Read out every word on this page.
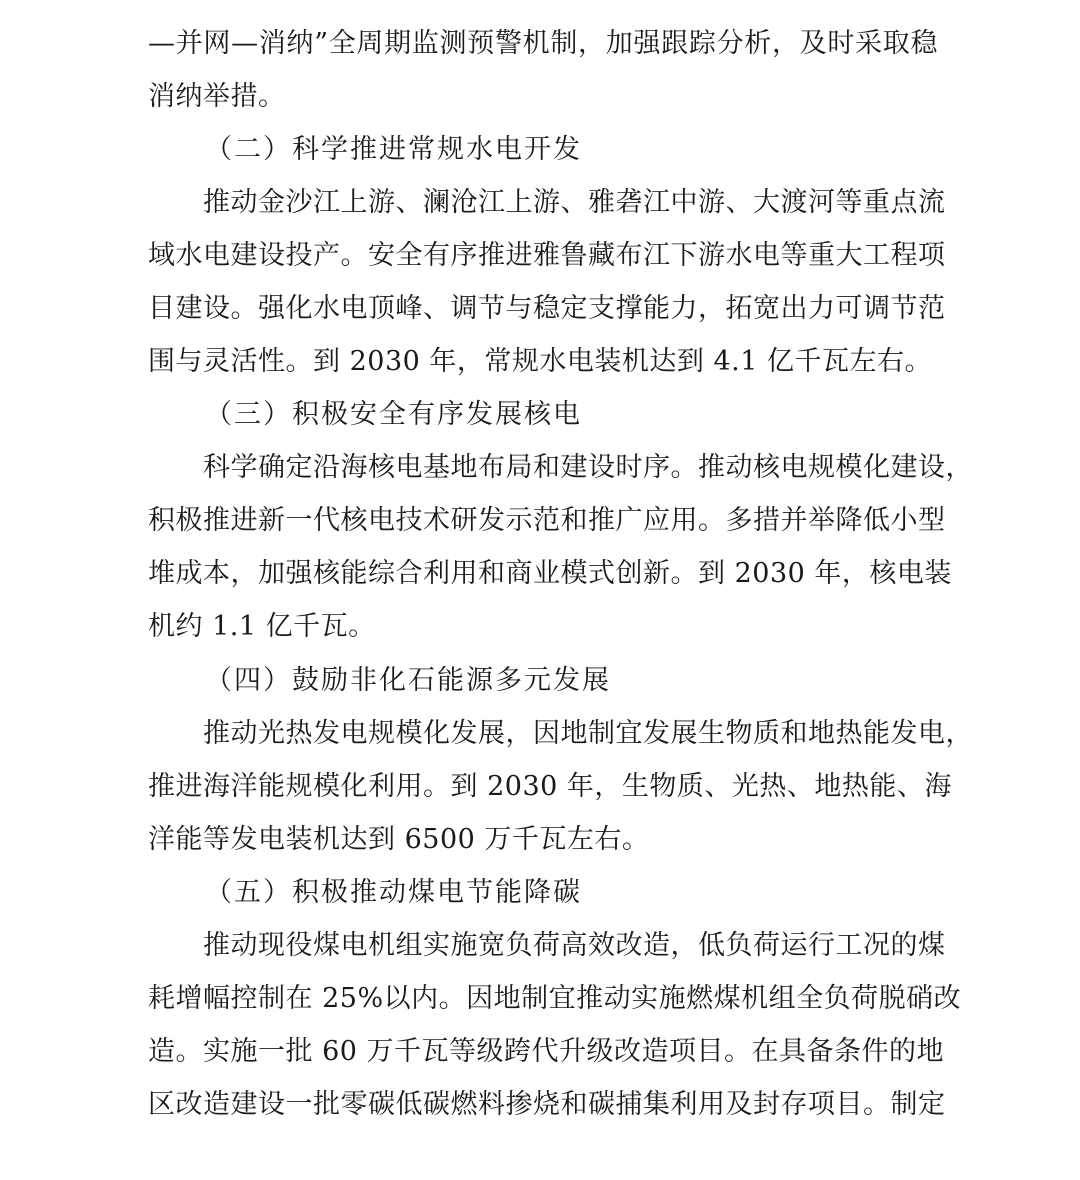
—并网—消纳”全周期监测预警机制，加强跟踪分析，及时采取稳
消纳举措。
（二）科学推进常规水电开发
推动金沙江上游、澜沧江上游、雅砻江中游、大渡河等重点流
域水电建设投产。安全有序推进雅鲁藏布江下游水电等重大工程项
目建设。强化水电顶峰、调节与稳定支撑能力，拓宽出力可调节范
围与灵活性。到 2030 年，常规水电装机达到 4.1 亿千瓦左右。
（三）积极安全有序发展核电
科学确定沿海核电基地布局和建设时序。推动核电规模化建设，
积极推进新一代核电技术研发示范和推广应用。多措并举降低小型
堆成本，加强核能综合利用和商业模式创新。到 2030 年，核电装
机约 1.1 亿千瓦。
（四）鼓励非化石能源多元发展
推动光热发电规模化发展，因地制宜发展生物质和地热能发电，
推进海洋能规模化利用。到 2030 年，生物质、光热、地热能、海
洋能等发电装机达到 6500 万千瓦左右。
（五）积极推动煤电节能降碳
推动现役煤电机组实施宽负荷高效改造，低负荷运行工况的煤
耗增幅控制在 25%以内。因地制宜推动实施燃煤机组全负荷脱硝改
造。实施一批 60 万千瓦等级跨代升级改造项目。在具备条件的地
区改造建设一批零碳低碳燃料掺烧和碳捕集利用及封存项目。制定
